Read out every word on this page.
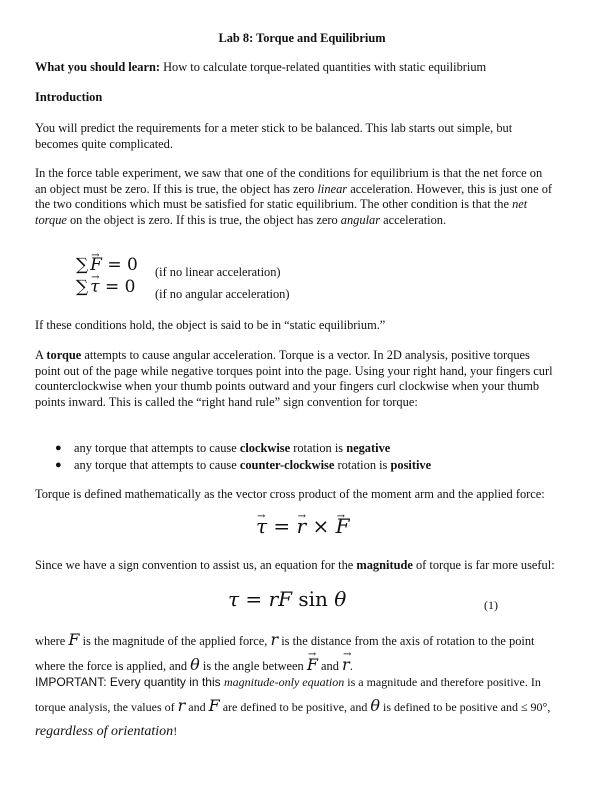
Lab 8: Torque and Equilibrium
What you should learn: How to calculate torque-related quantities with static equilibrium
Introduction
You will predict the requirements for a meter stick to be balanced. This lab starts out simple, but becomes quite complicated.
In the force table experiment, we saw that one of the conditions for equilibrium is that the net force on an object must be zero. If this is true, the object has zero linear acceleration. However, this is just one of the two conditions which must be satisfied for static equilibrium. The other condition is that the net torque on the object is zero. If this is true, the object has zero angular acceleration.
∑ → F = 0 (if no linear acceleration)
∑ → τ = 0 (if no angular acceleration)
If these conditions hold, the object is said to be in “static equilibrium.”
A torque attempts to cause angular acceleration. Torque is a vector. In 2D analysis, positive torques point out of the page while negative torques point into the page. Using your right hand, your fingers curl counterclockwise when your thumb points outward and your fingers curl clockwise when your thumb points inward. This is called the “right hand rule” sign convention for torque:
● any torque that attempts to cause clockwise rotation is negative
● any torque that attempts to cause counter-clockwise rotation is positive
Torque is defined mathematically as the vector cross product of the moment arm and the applied force:
→ τ = → r × → F
Since we have a sign convention to assist us, an equation for the magnitude of torque is far more useful:
τ = rF sin θ	(1)
where F is the magnitude of the applied force, r is the distance from the axis of rotation to the point where the force is applied, and θ is the angle between → F and → r.
IMPORTANT: Every quantity in this magnitude-only equation is a magnitude and therefore positive. In torque analysis, the values of r and F are defined to be positive, and θ is defined to be positive and ≤ 90°, regardless of orientation!
